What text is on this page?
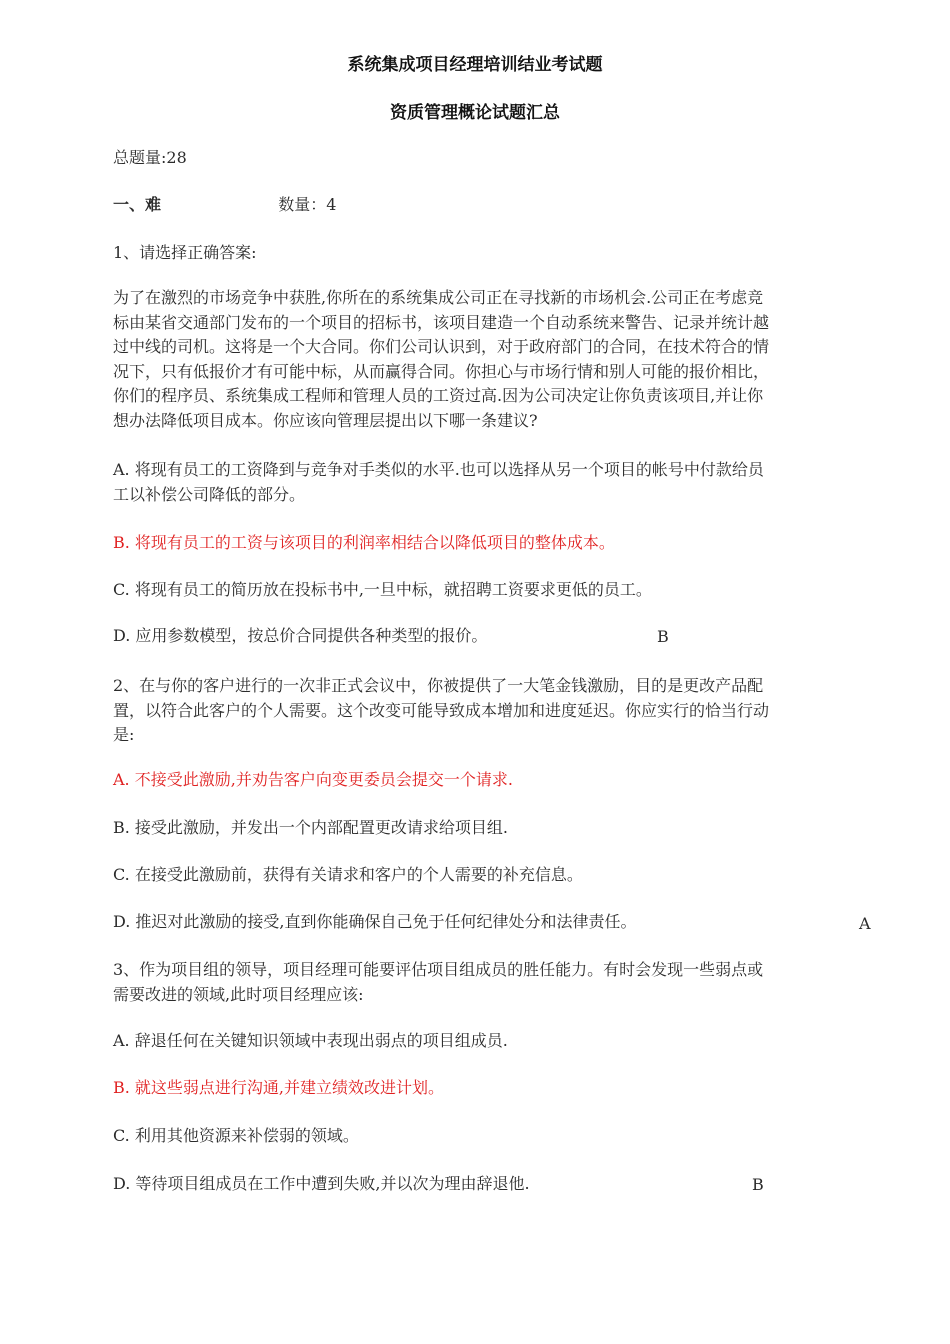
系统集成项目经理培训结业考试题
资质管理概论试题汇总
总题量:28
一、难	数量：4
1、请选择正确答案:
为了在激烈的市场竞争中获胜,你所在的系统集成公司正在寻找新的市场机会.公司正在考虑竞
标由某省交通部门发布的一个项目的招标书，该项目建造一个自动系统来警告、记录并统计越
过中线的司机。这将是一个大合同。你们公司认识到，对于政府部门的合同，在技术符合的情
况下，只有低报价才有可能中标，从而赢得合同。你担心与市场行情和别人可能的报价相比，
你们的程序员、系统集成工程师和管理人员的工资过高.因为公司决定让你负责该项目,并让你
想办法降低项目成本。你应该向管理层提出以下哪一条建议?
A. 将现有员工的工资降到与竞争对手类似的水平.也可以选择从另一个项目的帐号中付款给员
工以补偿公司降低的部分。
B. 将现有员工的工资与该项目的利润率相结合以降低项目的整体成本。
C. 将现有员工的简历放在投标书中,一旦中标，就招聘工资要求更低的员工。
D. 应用参数模型，按总价合同提供各种类型的报价。	B
2、在与你的客户进行的一次非正式会议中，你被提供了一大笔金钱激励，目的是更改产品配
置，以符合此客户的个人需要。这个改变可能导致成本增加和进度延迟。你应实行的恰当行动
是:
A. 不接受此激励,并劝告客户向变更委员会提交一个请求.
B. 接受此激励，并发出一个内部配置更改请求给项目组.
C. 在接受此激励前，获得有关请求和客户的个人需要的补充信息。
D. 推迟对此激励的接受,直到你能确保自己免于任何纪律处分和法律责任。	A
3、作为项目组的领导，项目经理可能要评估项目组成员的胜任能力。有时会发现一些弱点或
需要改进的领域,此时项目经理应该:
A. 辞退任何在关键知识领域中表现出弱点的项目组成员.
B. 就这些弱点进行沟通,并建立绩效改进计划。
C. 利用其他资源来补偿弱的领域。
D. 等待项目组成员在工作中遭到失败,并以次为理由辞退他.	B
